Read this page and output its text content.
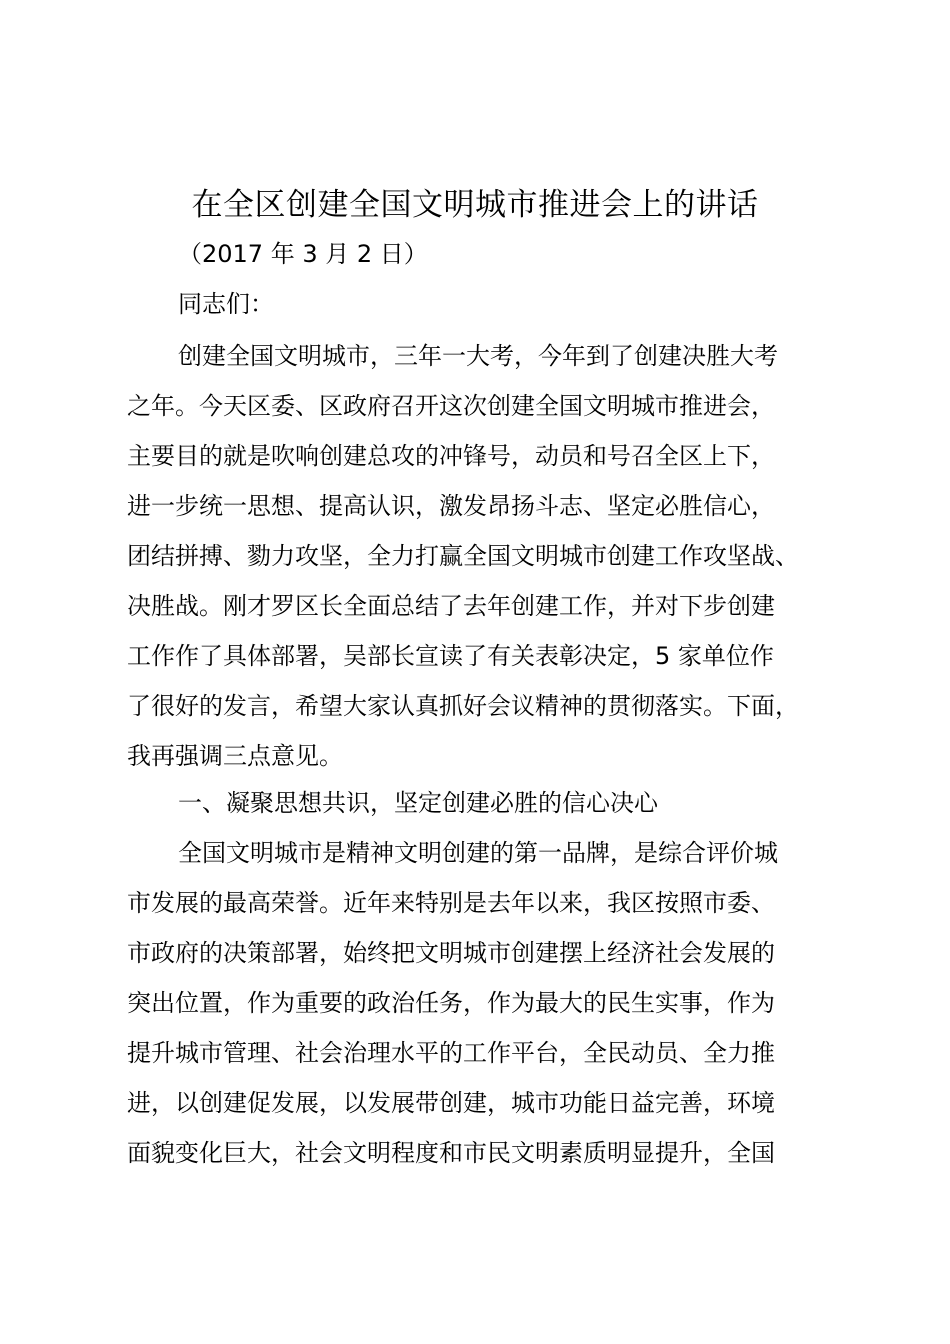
在全区创建全国文明城市推进会上的讲话
（2017 年 3 月 2 日）
同志们：
创建全国文明城市，三年一大考，今年到了创建决胜大考
之年。今天区委、区政府召开这次创建全国文明城市推进会，
主要目的就是吹响创建总攻的冲锋号，动员和号召全区上下，
进一步统一思想、提高认识，激发昂扬斗志、坚定必胜信心，
团结拼搏、勠力攻坚，全力打赢全国文明城市创建工作攻坚战、
决胜战。刚才罗区长全面总结了去年创建工作，并对下步创建
工作作了具体部署，吴部长宣读了有关表彰决定，5 家单位作
了很好的发言，希望大家认真抓好会议精神的贯彻落实。下面，
我再强调三点意见。
一、凝聚思想共识，坚定创建必胜的信心决心
全国文明城市是精神文明创建的第一品牌，是综合评价城
市发展的最高荣誉。近年来特别是去年以来，我区按照市委、
市政府的决策部署，始终把文明城市创建摆上经济社会发展的
突出位置，作为重要的政治任务，作为最大的民生实事，作为
提升城市管理、社会治理水平的工作平台，全民动员、全力推
进，以创建促发展，以发展带创建，城市功能日益完善，环境
面貌变化巨大，社会文明程度和市民文明素质明显提升，全国
